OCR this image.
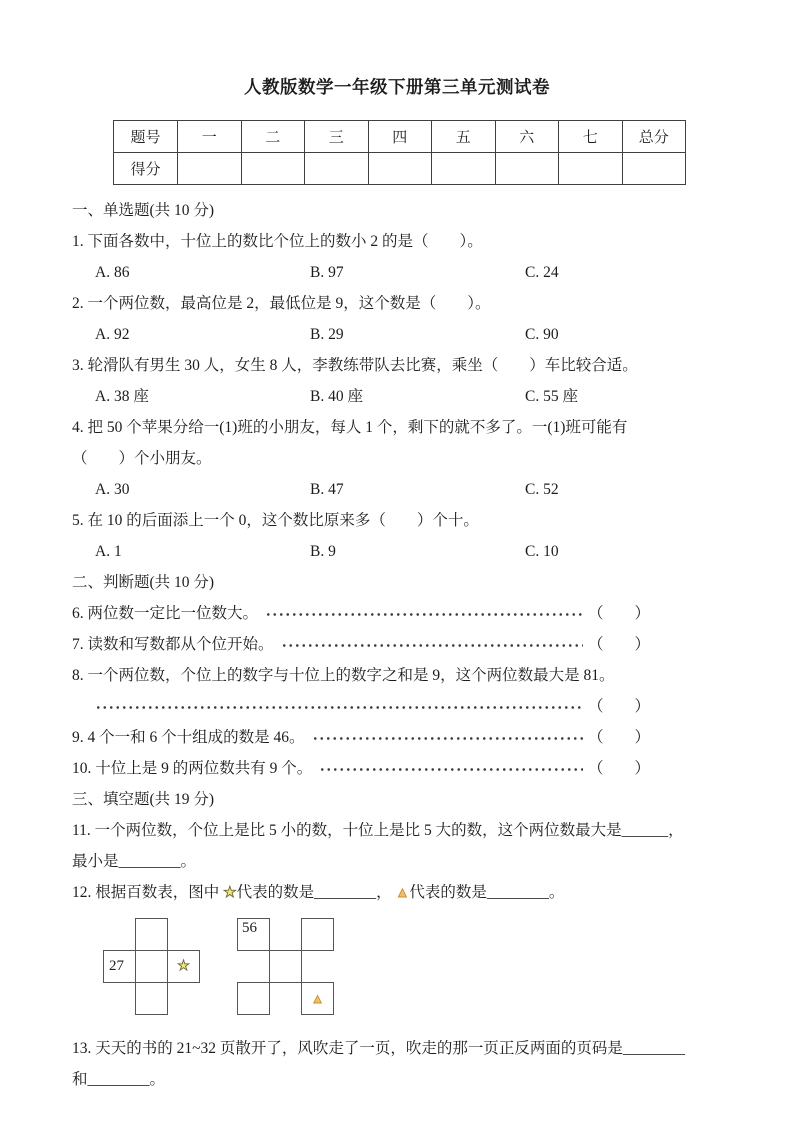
人教版数学一年级下册第三单元测试卷
题号	一	二	三	四	五	六	七	总分
得分								
一、单选题(共 10 分)
1. 下面各数中，十位上的数比个位上的数小 2 的是（　　）。
A. 86	B. 97	C. 24
2. 一个两位数，最高位是 2，最低位是 9，这个数是（　　）。
A. 92	B. 29	C. 90
3. 轮滑队有男生 30 人，女生 8 人，李教练带队去比赛，乘坐（　　）车比较合适。
A. 38 座	B. 40 座	C. 55 座
4. 把 50 个苹果分给一(1)班的小朋友，每人 1 个，剩下的就不多了。一(1)班可能有
（　　）个小朋友。
A. 30	B. 47	C. 52
5. 在 10 的后面添上一个 0，这个数比原来多（　　）个十。
A. 1	B. 9	C. 10
二、判断题(共 10 分)
6. 两位数一定比一位数大。	（　　）
7. 读数和写数都从个位开始。	（　　）
8. 一个两位数，个位上的数字与十位上的数字之和是 9，这个两位数最大是 81。
（　　）
9. 4 个一和 6 个十组成的数是 46。	（　　）
10. 十位上是 9 的两位数共有 9 个。	（　　）
三、填空题(共 19 分)
11. 一个两位数，个位上是比 5 小的数，十位上是比 5 大的数，这个两位数最大是______，
最小是________。
12. 根据百数表，图中 ★代表的数是________， ▲代表的数是________。
27	★
56
▲
13. 天天的书的 21~32 页散开了，风吹走了一页，吹走的那一页正反两面的页码是________
和________。
